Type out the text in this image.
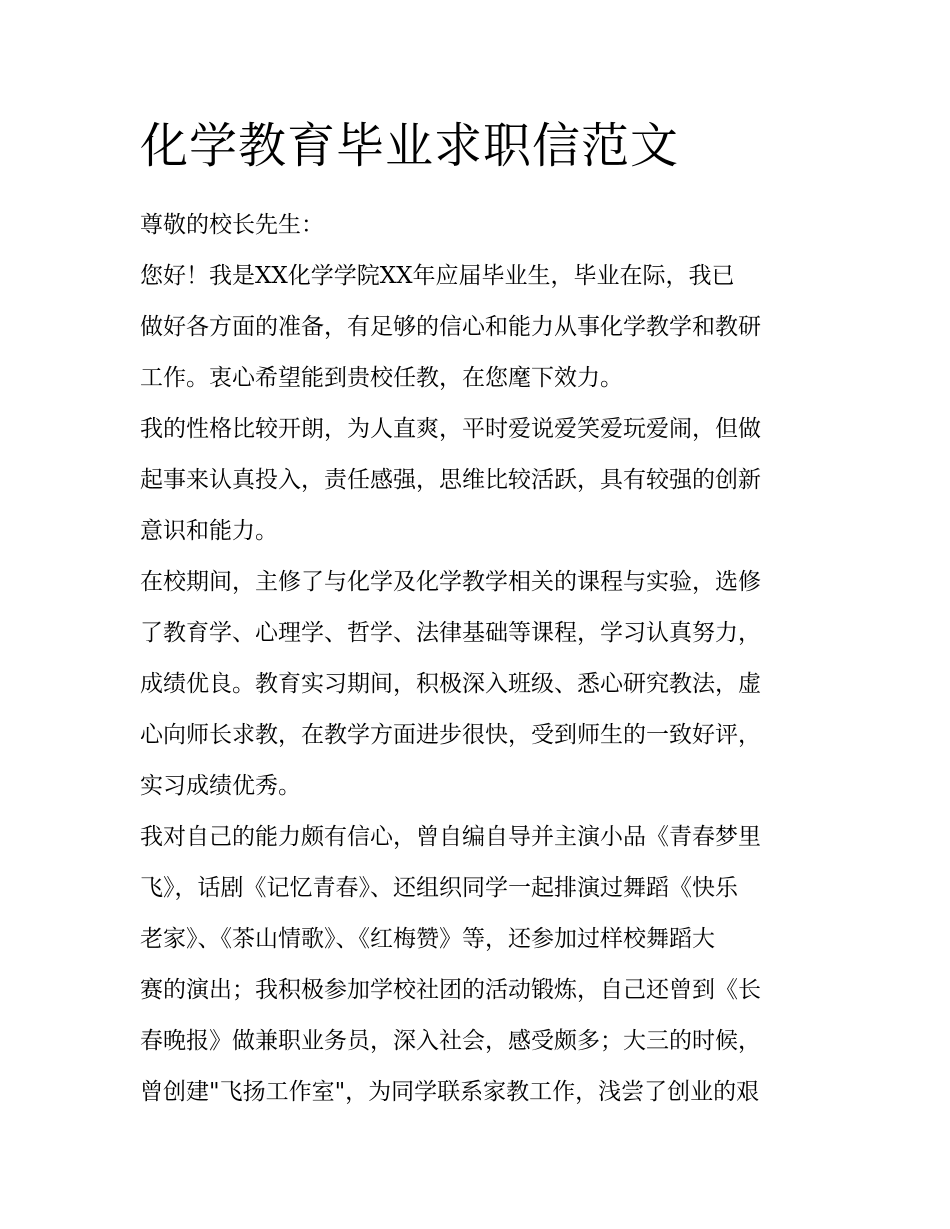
化学教育毕业求职信范文
尊敬的校长先生：
您好！我是XX化学学院XX年应届毕业生，毕业在际，我已
做好各方面的准备，有足够的信心和能力从事化学教学和教研
工作。衷心希望能到贵校任教，在您麾下效力。
我的性格比较开朗，为人直爽，平时爱说爱笑爱玩爱闹，但做
起事来认真投入，责任感强，思维比较活跃，具有较强的创新
意识和能力。
在校期间，主修了与化学及化学教学相关的课程与实验，选修
了教育学、心理学、哲学、法律基础等课程，学习认真努力，
成绩优良。教育实习期间，积极深入班级、悉心研究教法，虚
心向师长求教，在教学方面进步很快，受到师生的一致好评，
实习成绩优秀。
我对自己的能力颇有信心，曾自编自导并主演小品《青春梦里
飞》，话剧《记忆青春》、还组织同学一起排演过舞蹈《快乐
老家》、《茶山情歌》、《红梅赞》等，还参加过样校舞蹈大
赛的演出；我积极参加学校社团的活动锻炼，自己还曾到《长
春晚报》做兼职业务员，深入社会，感受颇多；大三的时候，
曾创建"飞扬工作室"，为同学联系家教工作，浅尝了创业的艰
